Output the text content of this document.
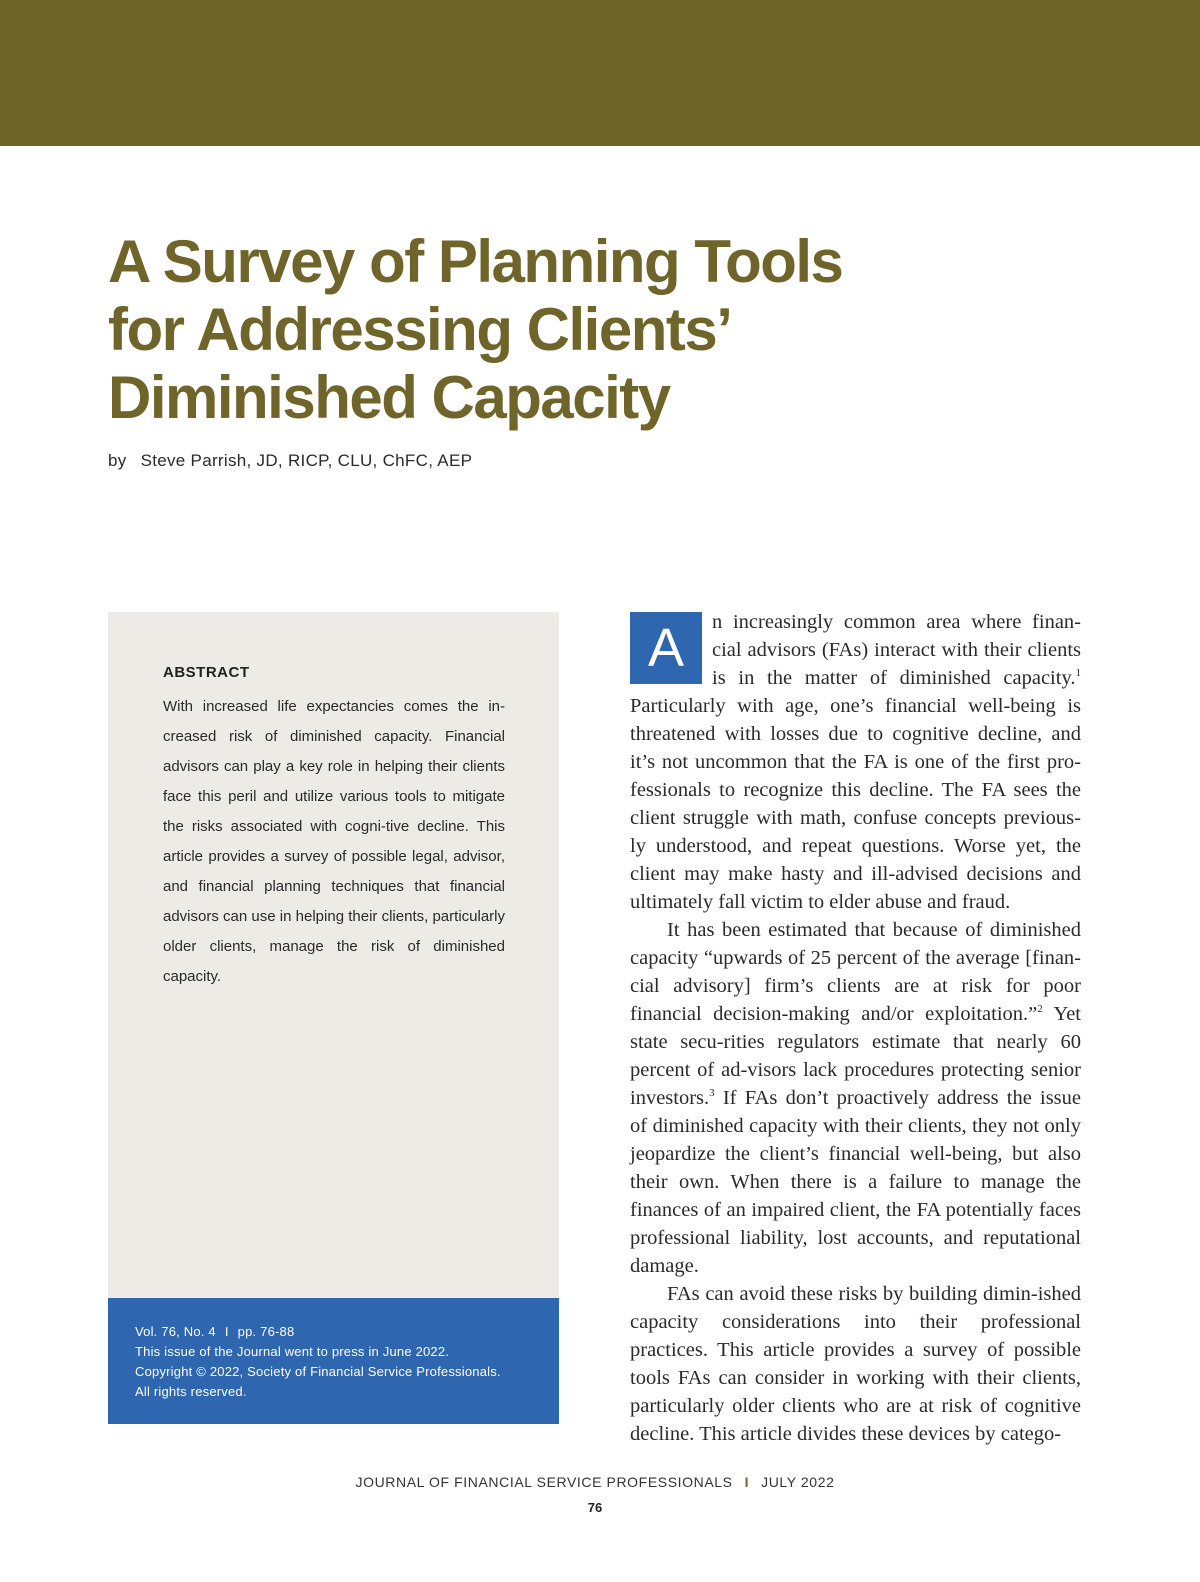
A Survey of Planning Tools
for Addressing Clients’
Diminished Capacity
by Steve Parrish, JD, RICP, CLU, ChFC, AEP
ABSTRACT

With increased life expectancies comes the in-creased risk of diminished capacity. Financial advisors can play a key role in helping their clients face this peril and utilize various tools to mitigate the risks associated with cogni-tive decline. This article provides a survey of possible legal, advisor, and financial planning techniques that financial advisors can use in helping their clients, particularly older clients, manage the risk of diminished capacity.

Vol. 76, No. 4 I pp. 76-88
This issue of the Journal went to press in June 2022.
Copyright © 2022, Society of Financial Service Professionals.
All rights reserved.

A	n increasingly common area where finan-cial advisors (FAs) interact with their clients is in the matter of diminished capacity.$^1$ Particularly with age, one’s financial well-being is threatened with losses due to cognitive decline, and it’s not uncommon that the FA is one of the first pro-fessionals to recognize this decline. The FA sees the client struggle with math, confuse concepts previous-ly understood, and repeat questions. Worse yet, the client may make hasty and ill-advised decisions and ultimately fall victim to elder abuse and fraud.

It has been estimated that because of diminished capacity “upwards of 25 percent of the average [finan-cial advisory] firm’s clients are at risk for poor financial decision-making and/or exploitation.”$^2$ Yet state secu-rities regulators estimate that nearly 60 percent of ad-visors lack procedures protecting senior investors.$^3$ If FAs don’t proactively address the issue of diminished capacity with their clients, they not only jeopardize the client’s financial well-being, but also their own. When there is a failure to manage the finances of an impaired client, the FA potentially faces professional liability, lost accounts, and reputational damage.

FAs can avoid these risks by building dimin-ished capacity considerations into their professional practices. This article provides a survey of possible tools FAs can consider in working with their clients, particularly older clients who are at risk of cognitive decline. This article divides these devices by catego-

JOURNAL OF FINANCIAL SERVICE PROFESSIONALS I JULY 2022
76
